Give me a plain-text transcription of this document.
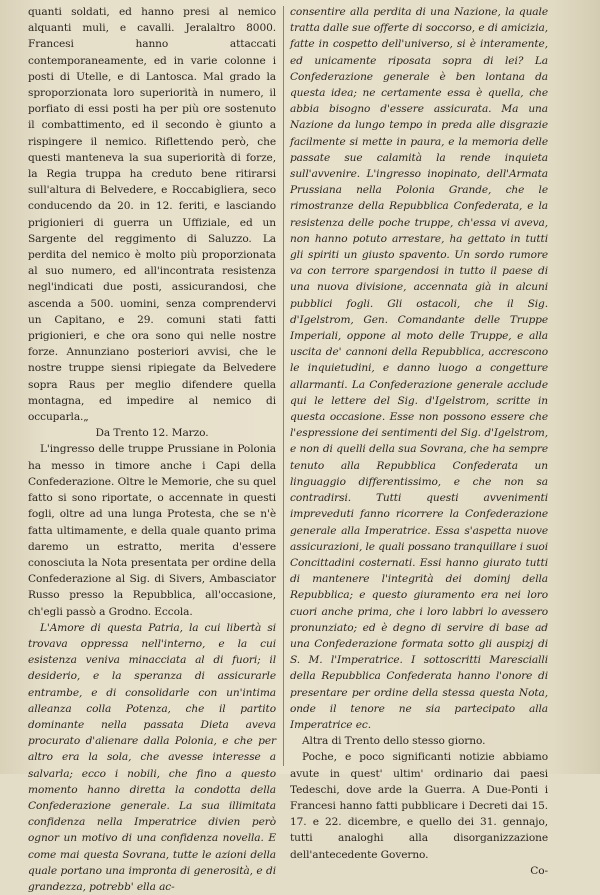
quanti soldati, ed hanno presi al nemico alquanti muli, e cavalli. Jeralaltro 8000. Francesi hanno attaccati contemporaneamente, ed in varie colonne i posti di Utelle, e di Lantosca. Mal grado la sproporzionata loro superiorità in numero, il porfiato di essi posti ha per più ore sostenuto il combattimento, ed il secondo è giunto a rispingere il nemico. Riflettendo però, che questi manteneva la sua superiorità di forze, la Regia truppa ha creduto bene ritirarsi sull'altura di Belvedere, e Roccabigliera, seco conducendo da 20. in 12. feriti, e lasciando prigionieri di guerra un Uffiziale, ed un Sargente del reggimento di Saluzzo. La perdita del nemico è molto più proporzionata al suo numero, ed all'incontrata resistenza negl'indicati due posti, assicurandosi, che ascenda a 500. uomini, senza comprendervi un Capitano, e 29. comuni stati fatti prigionieri, e che ora sono qui nelle nostre forze. Annunziano posteriori avvisi, che le nostre truppe siensi ripiegate da Belvedere sopra Raus per meglio difendere quella montagna, ed impedire al nemico di occuparla.„

Da Trento 12. Marzo.

L'ingresso delle truppe Prussiane in Polonia ha messo in timore anche i Capi della Confederazione. Oltre le Memorie, che su quel fatto si sono riportate, o accennate in questi fogli, oltre ad una lunga Protesta, che se n'è fatta ultimamente, e della quale quanto prima daremo un estratto, merita d'essere conosciuta la Nota presentata per ordine della Confederazione al Sig. di Sivers, Ambasciator Russo presso la Repubblica, all'occasione, ch'egli passò a Grodno. Eccola.

L'Amore di questa Patria, la cui libertà si trovava oppressa nell'interno, e la cui esistenza veniva minacciata al di fuori; il desiderio, e la speranza di assicurarle entrambe, e di consolidarle con un'intima alleanza colla Potenza, che il partito dominante nella passata Dieta aveva procurato d'alienare dalla Polonia, e che per altro era la sola, che avesse interesse a salvarla; ecco i nobili, che fino a questo momento hanno diretta la condotta della Confederazione generale. La sua illimitata confidenza nella Imperatrice divien però ognor un motivo di una confidenza novella. E come mai questa Sovrana, tutte le azioni della quale portano una impronta di generosità, e di grandezza, potrebb' ella ac-

consentire alla perdita di una Nazione, la quale tratta dalle sue offerte di soccorso, e di amicizia, fatte in cospetto dell'universo, si è interamente, ed unicamente riposata sopra di lei? La Confederazione generale è ben lontana da questa idea; ne certamente essa è quella, che abbia bisogno d'essere assicurata. Ma una Nazione da lungo tempo in preda alle disgrazie facilmente si mette in paura, e la memoria delle passate sue calamità la rende inquieta sull'avvenire. L'ingresso inopinato, dell'Armata Prussiana nella Polonia Grande, che le rimostranze della Repubblica Confederata, e la resistenza delle poche truppe, ch'essa vi aveva, non hanno potuto arrestare, ha gettato in tutti gli spiriti un giusto spavento. Un sordo rumore va con terrore spargendosi in tutto il paese di una nuova divisione, accennata già in alcuni pubblici fogli. Gli ostacoli, che il Sig. d'Igelstrom, Gen. Comandante delle Truppe Imperiali, oppone al moto delle Truppe, e alla uscita de' cannoni della Repubblica, accrescono le inquietudini, e danno luogo a congetture allarmanti. La Confederazione generale acclude qui le lettere del Sig. d'Igelstrom, scritte in questa occasione. Esse non possono essere che l'espressione dei sentimenti del Sig. d'Igelstrom, e non di quelli della sua Sovrana, che ha sempre tenuto alla Repubblica Confederata un linguaggio differentissimo, e che non sa contradirsi. Tutti questi avvenimenti impreveduti fanno ricorrere la Confederazione generale alla Imperatrice. Essa s'aspetta nuove assicurazioni, le quali possano tranquillare i suoi Concittadini costernati. Essi hanno giurato tutti di mantenere l'integrità dei dominj della Repubblica; e questo giuramento era nei loro cuori anche prima, che i loro labbri lo avessero pronunziato; ed è degno di servire di base ad una Confederazione formata sotto gli auspizj di S. M. l'Imperatrice. I sottoscritti Marescialli della Repubblica Confederata hanno l'onore di presentare per ordine della stessa questa Nota, onde il tenore ne sia partecipato alla Imperatrice ec.

Altra di Trento dello stesso giorno.

Poche, e poco significanti notizie abbiamo avute in quest' ultim' ordinario dai paesi Tedeschi, dove arde la Guerra. A Due-Ponti i Francesi hanno fatti pubblicare i Decreti dai 15. 17. e 22. dicembre, e quello dei 31. gennajo, tutti analoghi alla disorganizzazione dell'antecedente Governo.

Co-
